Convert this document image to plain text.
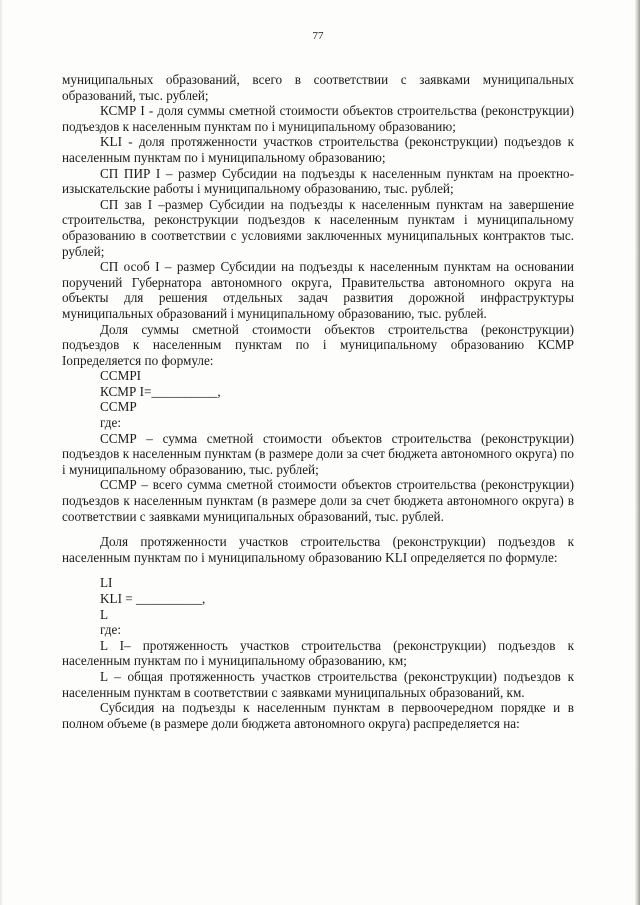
77

муниципальных образований, всего в соответствии с заявками муниципальных образований, тыс. рублей;

КСМР I - доля суммы сметной стоимости объектов строительства (реконструкции) подъездов к населенным пунктам по i муниципальному образованию;

KLI - доля протяженности участков строительства (реконструкции) подъездов к населенным пунктам по i муниципальному образованию;

СП ПИР I – размер Субсидии на подъезды к населенным пунктам на проектно-изыскательские работы i муниципальному образованию, тыс. рублей;

СП зав I –размер Субсидии на подъезды к населенным пунктам на завершение строительства, реконструкции подъездов к населенным пунктам i муниципальному образованию в соответствии с условиями заключенных муниципальных контрактов тыс. рублей;

СП особ I – размер Субсидии на подъезды к населенным пунктам на основании поручений Губернатора автономного округа, Правительства автономного округа на объекты для решения отдельных задач развития дорожной инфраструктуры муниципальных образований i муниципальному образованию, тыс. рублей.

Доля суммы сметной стоимости объектов строительства (реконструкции) подъездов к населенным пунктам по i муниципальному образованию КСМР Iопределяется по формуле:

ССМРI
КСМР I=__________,
ССМР
где:

ССМР – сумма сметной стоимости объектов строительства (реконструкции) подъездов к населенным пунктам (в размере доли за счет бюджета автономного округа) по i муниципальному образованию, тыс. рублей;

ССМР – всего сумма сметной стоимости объектов строительства (реконструкции) подъездов к населенным пунктам (в размере доли за счет бюджета автономного округа) в соответствии с заявками муниципальных образований, тыс. рублей.

Доля протяженности участков строительства (реконструкции) подъездов к населенным пунктам по i муниципальному образованию KLI определяется по формуле:

LI
KLI = __________,
L
где:

L I– протяженность участков строительства (реконструкции) подъездов к населенным пунктам по i муниципальному образованию, км;

L – общая протяженность участков строительства (реконструкции) подъездов к населенным пунктам в соответствии с заявками муниципальных образований, км.

Субсидия на подъезды к населенным пунктам в первоочередном порядке и в полном объеме (в размере доли бюджета автономного округа) распределяется на:
